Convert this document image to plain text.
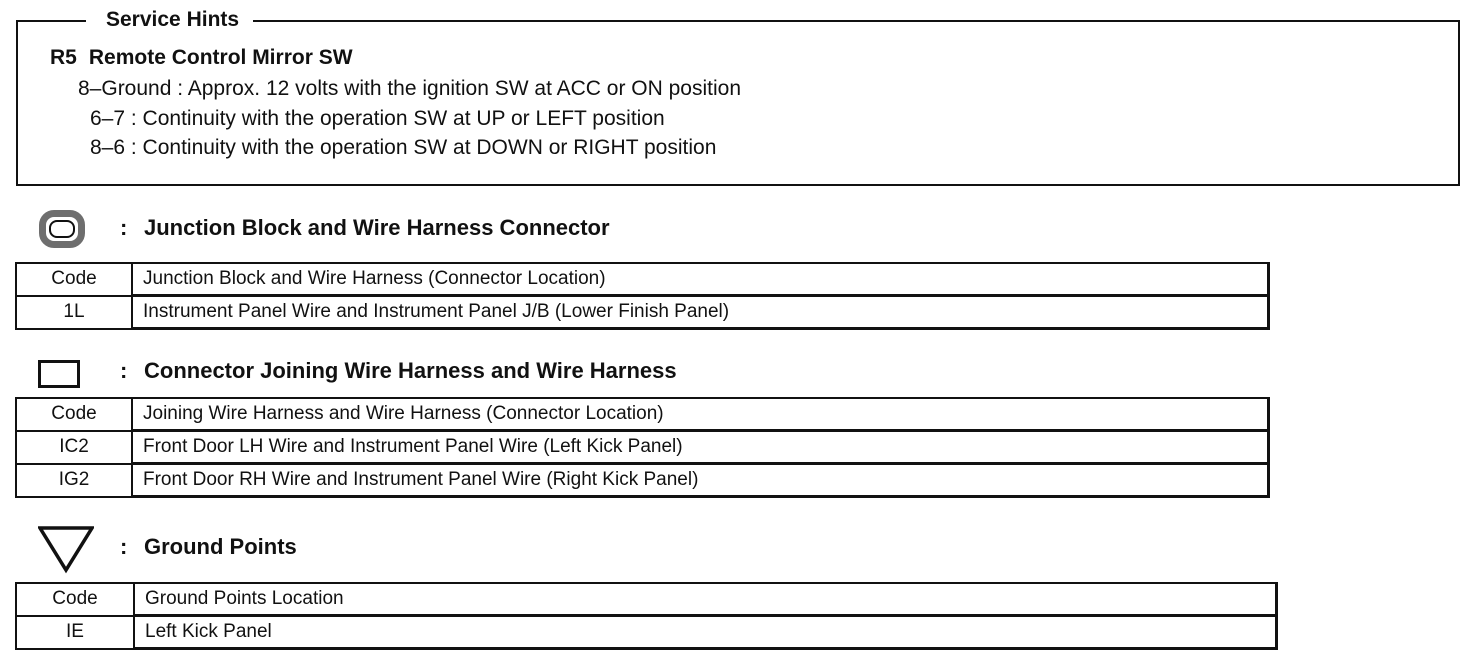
Service Hints
R5 Remote Control Mirror SW
8–Ground : Approx. 12 volts with the ignition SW at ACC or ON position
6–7 : Continuity with the operation SW at UP or LEFT position
8–6 : Continuity with the operation SW at DOWN or RIGHT position
: Junction Block and Wire Harness Connector
Code	Junction Block and Wire Harness (Connector Location)
1L	Instrument Panel Wire and Instrument Panel J/B (Lower Finish Panel)
: Connector Joining Wire Harness and Wire Harness
Code	Joining Wire Harness and Wire Harness (Connector Location)
IC2	Front Door LH Wire and Instrument Panel Wire (Left Kick Panel)
IG2	Front Door RH Wire and Instrument Panel Wire (Right Kick Panel)
: Ground Points
Code	Ground Points Location
IE	Left Kick Panel
